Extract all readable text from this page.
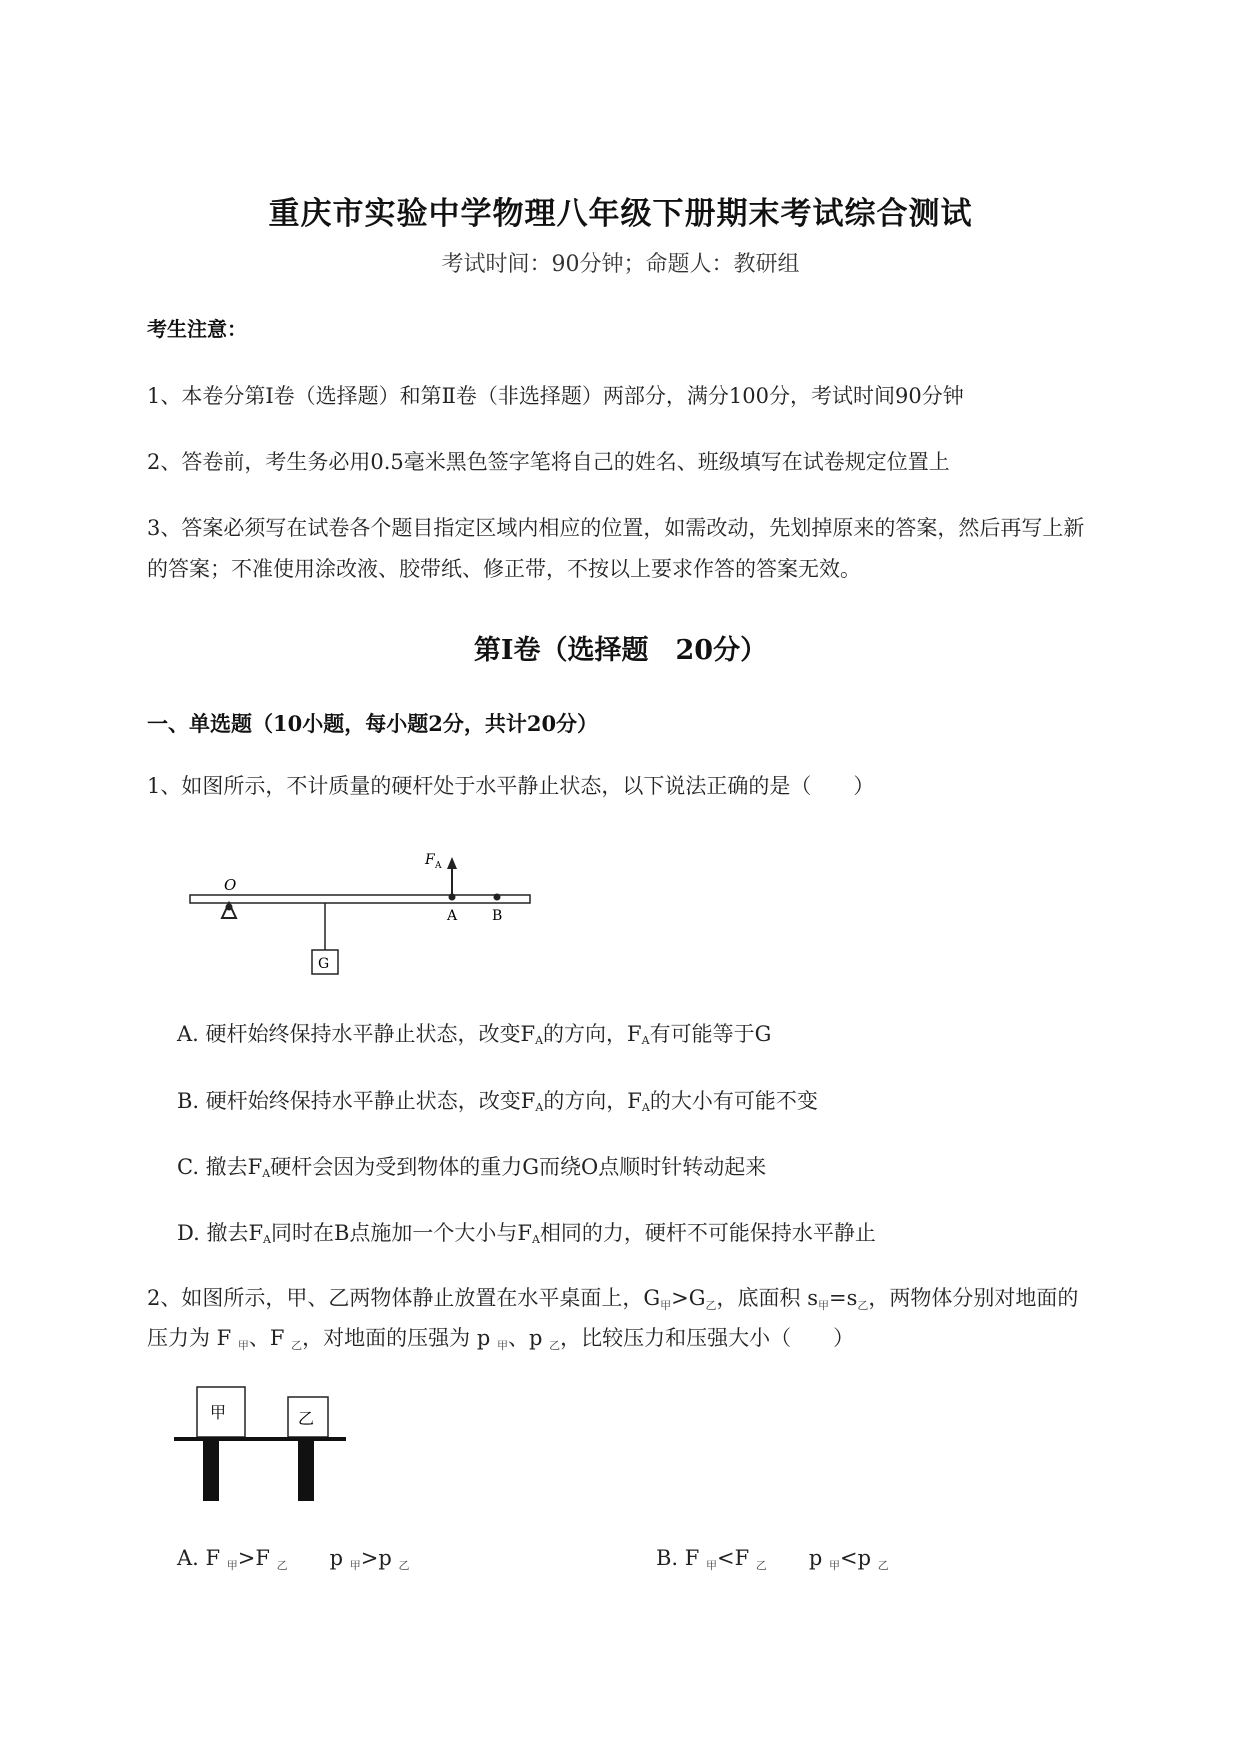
重庆市实验中学物理八年级下册期末考试综合测试
考试时间：90分钟；命题人：教研组
考生注意：
1、本卷分第I卷（选择题）和第Ⅱ卷（非选择题）两部分，满分100分，考试时间90分钟
2、答卷前，考生务必用0.5毫米黑色签字笔将自己的姓名、班级填写在试卷规定位置上
3、答案必须写在试卷各个题目指定区域内相应的位置，如需改动，先划掉原来的答案，然后再写上新
的答案；不准使用涂改液、胶带纸、修正带，不按以上要求作答的答案无效。
第I卷（选择题　20分）
一、单选题（10小题，每小题2分，共计20分）
1、如图所示，不计质量的硬杆处于水平静止状态，以下说法正确的是（　　）
O
G
F A
A B
A. 硬杆始终保持水平静止状态，改变$F_A$的方向，$F_A$有可能等于G
B. 硬杆始终保持水平静止状态，改变$F_A$的方向，$F_A$的大小有可能不变
C. 撤去$F_A$硬杆会因为受到物体的重力G而绕O点顺时针转动起来
D. 撤去$F_A$同时在B点施加一个大小与$F_A$相同的力，硬杆不可能保持水平静止
2、如图所示，甲、乙两物体静止放置在水平桌面上，G甲>G乙，底面积 s甲=s乙，两物体分别对地面的
压力为 F 甲、F 乙，对地面的压强为 p 甲、p 乙，比较压力和压强大小（　　）
甲	乙
A. F 甲>F 乙　　p 甲>p 乙	B. F 甲<F 乙　　p 甲<p 乙
